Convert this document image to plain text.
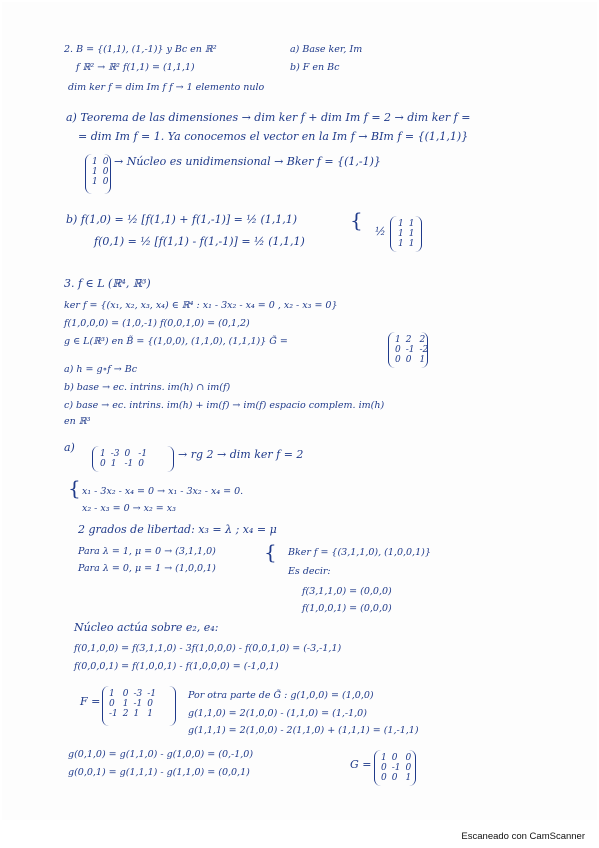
2. B = {(1,1), (1,-1)} y Bc en ℝ²	a) Base ker, Im
f ℝ² → ℝ² f(1,1) = (1,1,1)	b) F en Bc
dim ker f = dim Im f f → 1 elemento nulo
a) Teorema de las dimensiones → dim ker f + dim Im f = 2 → dim ker f =
= dim Im f = 1. Ya conocemos el vector en la Im f → BIm f = {(1,1,1)}
1 0
1 0
1 0
→ Núcleo es unidimensional → Bker f = {(1,-1)}
b) f(1,0) = ½ [f(1,1) + f(1,-1)] = ½ (1,1,1)
f(0,1) = ½ [f(1,1) - f(1,-1)] = ½ (1,1,1)
{ ½
1 1
1 1
1 1
3. f ∈ L (ℝ⁴, ℝ³)
ker f = {(x₁, x₂, x₃, x₄) ∈ ℝ⁴ : x₁ - 3x₂ - x₄ = 0 , x₂ - x₃ = 0}
f(1,0,0,0) = (1,0,-1) f(0,0,1,0) = (0,1,2)
g ∈ L(ℝ³) en B̃ = {(1,0,0), (1,1,0), (1,1,1)} G̃ =	1 2 2
0 -1 -2
0 0 1
a) h = g∘f → Bc
b) base → ec. intrins. im(h) ∩ im(f)
c) base → ec. intrins. im(h) + im(f) → im(f) espacio complem. im(h)
en ℝ³
a)	1 -3 0 -1
0 1 -1 0
→ rg 2 → dim ker f = 2
{ x₁ - 3x₂ - x₄ = 0 → x₁ - 3x₂ - x₄ = 0.
x₂ - x₃ = 0 → x₂ = x₃
2 grados de libertad: x₃ = λ ; x₄ = μ
Para λ = 1, μ = 0 → (3,1,1,0)
Para λ = 0, μ = 1 → (1,0,0,1)
{ Bker f = {(3,1,1,0), (1,0,0,1)}
Es decir:
f(3,1,1,0) = (0,0,0)
f(1,0,0,1) = (0,0,0)
Núcleo actúa sobre e₂, e₄:
f(0,1,0,0) = f(3,1,1,0) - 3f(1,0,0,0) - f(0,0,1,0) = (-3,-1,1)
f(0,0,0,1) = f(1,0,0,1) - f(1,0,0,0) = (-1,0,1)
F =
1 0 -3 -1
0 1 -1 0
-1 2 1 1
Por otra parte de G̃ : g(1,0,0) = (1,0,0)
g(1,1,0) = 2(1,0,0) - (1,1,0) = (1,-1,0)
g(1,1,1) = 2(1,0,0) - 2(1,1,0) + (1,1,1) = (1,-1,1)
g(0,1,0) = g(1,1,0) - g(1,0,0) = (0,-1,0)
g(0,0,1) = g(1,1,1) - g(1,1,0) = (0,0,1)
G = 1 0 0
0 -1 0
0 0 1
Escaneado con CamScanner
